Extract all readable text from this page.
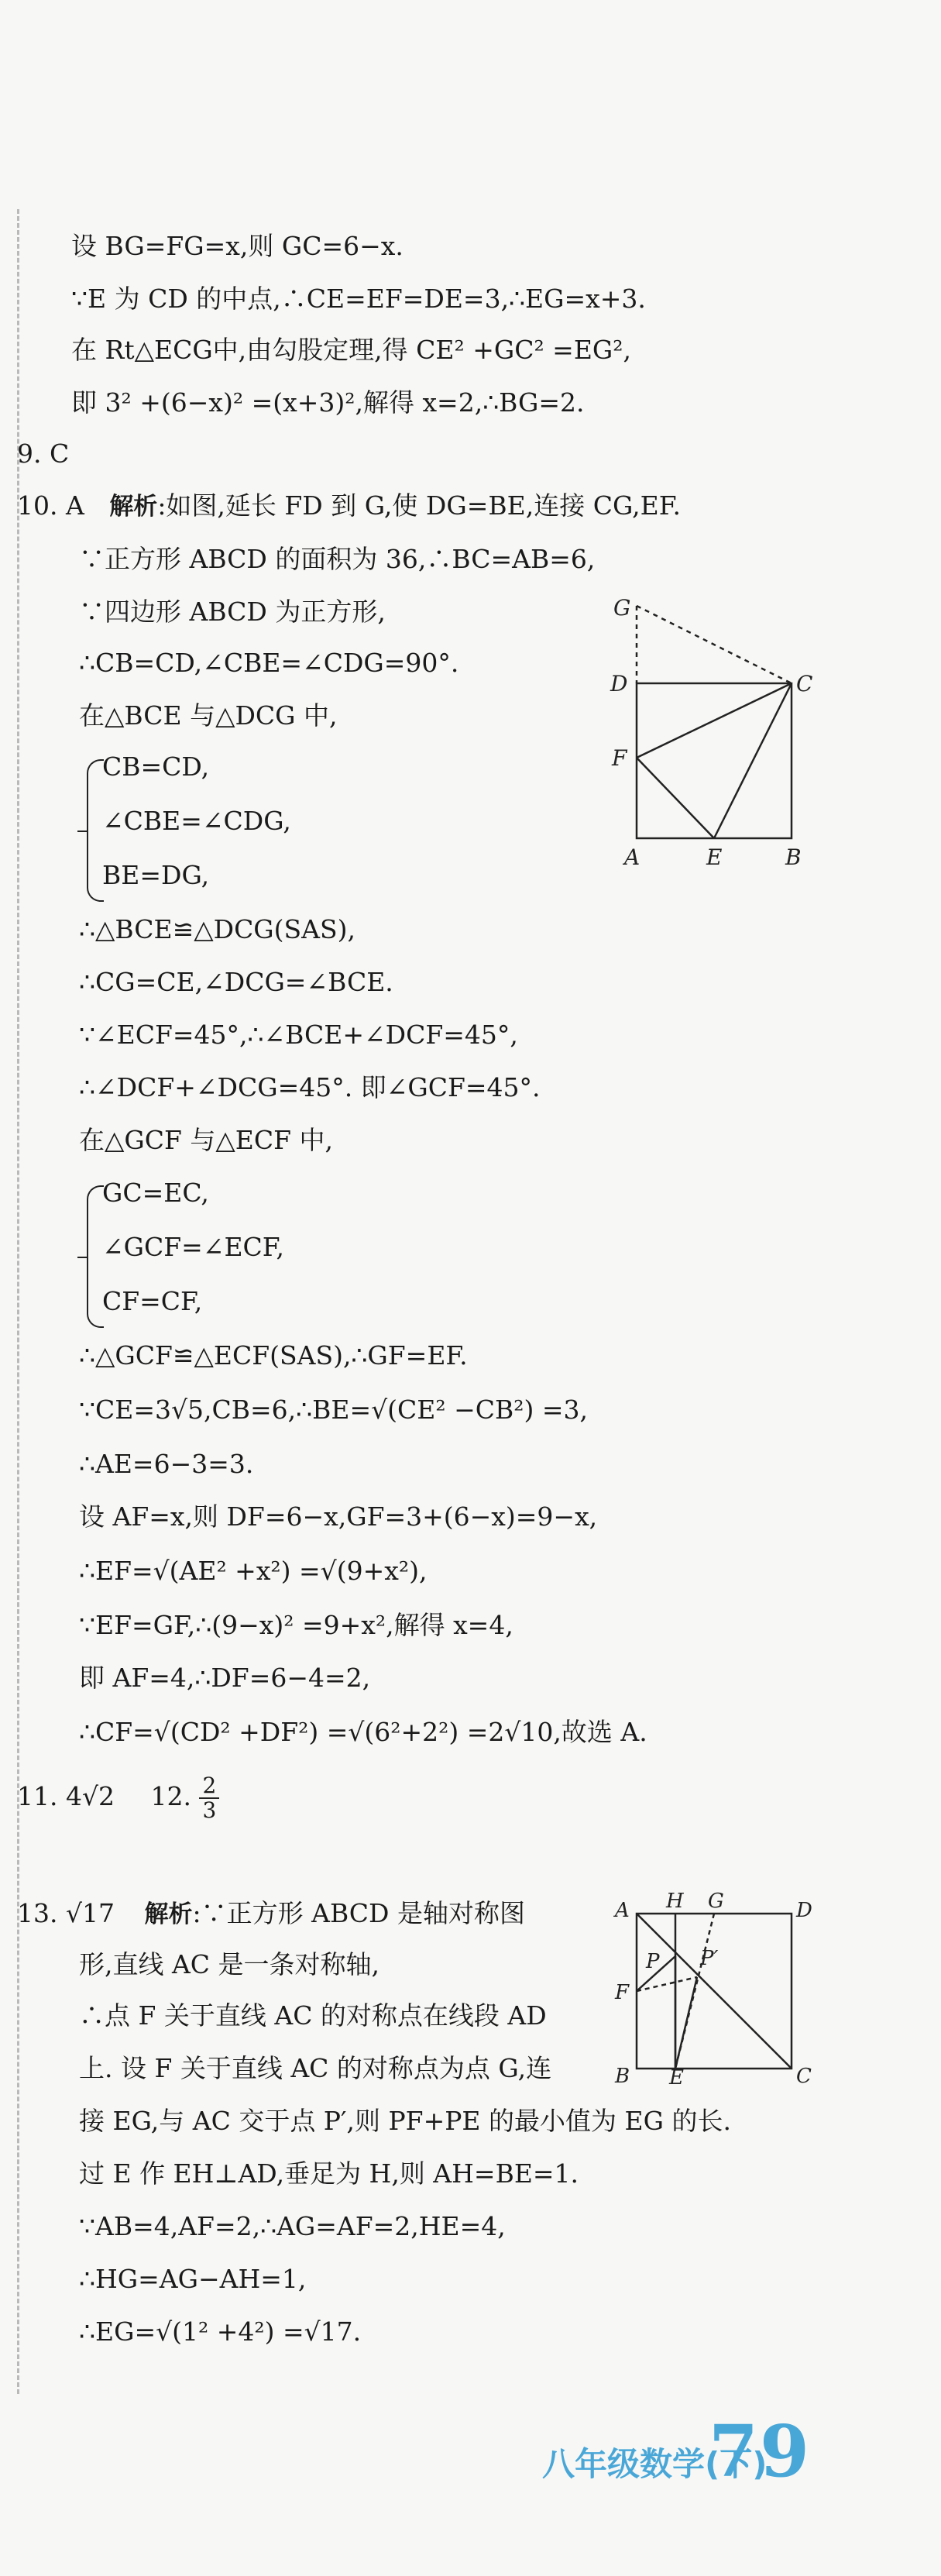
设 BG=FG=x,则 GC=6−x.
∵E 为 CD 的中点,∴CE=EF=DE=3,∴EG=x+3.
在 Rt△ECG中,由勾股定理,得 CE² +GC² =EG²,
即 3² +(6−x)² =(x+3)²,解得 x=2,∴BG=2.
9. C
10. A 解析:如图,延长 FD 到 G,使 DG=BE,连接 CG,EF.
∵正方形 ABCD 的面积为 36,∴BC=AB=6,
∵四边形 ABCD 为正方形,
∴CB=CD,∠CBE=∠CDG=90°.
在△BCE 与△DCG 中,
CB=CD,
∠CBE=∠CDG,
BE=DG,
∴△BCE≌△DCG(SAS),
∴CG=CE,∠DCG=∠BCE.
∵∠ECF=45°,∴∠BCE+∠DCF=45°,
∴∠DCF+∠DCG=45°. 即∠GCF=45°.
在△GCF 与△ECF 中,
GC=EC,
∠GCF=∠ECF,
CF=CF,
∴△GCF≌△ECF(SAS),∴GF=EF.
∵CE=3√5,CB=6,∴BE=√(CE² −CB²) =3,
∴AE=6−3=3.
设 AF=x,则 DF=6−x,GF=3+(6−x)=9−x,
∴EF=√(AE² +x²) =√(9+x²),
∵EF=GF,∴(9−x)² =9+x²,解得 x=4,
即 AF=4,∴DF=6−4=2,
∴CF=√(CD² +DF²) =√(6²+2²) =2√10,故选 A.
11. 4√2 12. $\frac{2}{3}$
13. √17 解析:∵正方形 ABCD 是轴对称图
形,直线 AC 是一条对称轴,
∴点 F 关于直线 AC 的对称点在线段 AD
上. 设 F 关于直线 AC 的对称点为点 G,连
接 EG,与 AC 交于点 P′,则 PF+PE 的最小值为 EG 的长.
过 E 作 EH⊥AD,垂足为 H,则 AH=BE=1.
∵AB=4,AF=2,∴AG=AF=2,HE=4,
∴HG=AG−AH=1,
∴EG=√(1² +4²) =√17.
G
D	C
F
A	E	B
A H G	D
P P′
F
B E	C
八年级数学(下)
79
